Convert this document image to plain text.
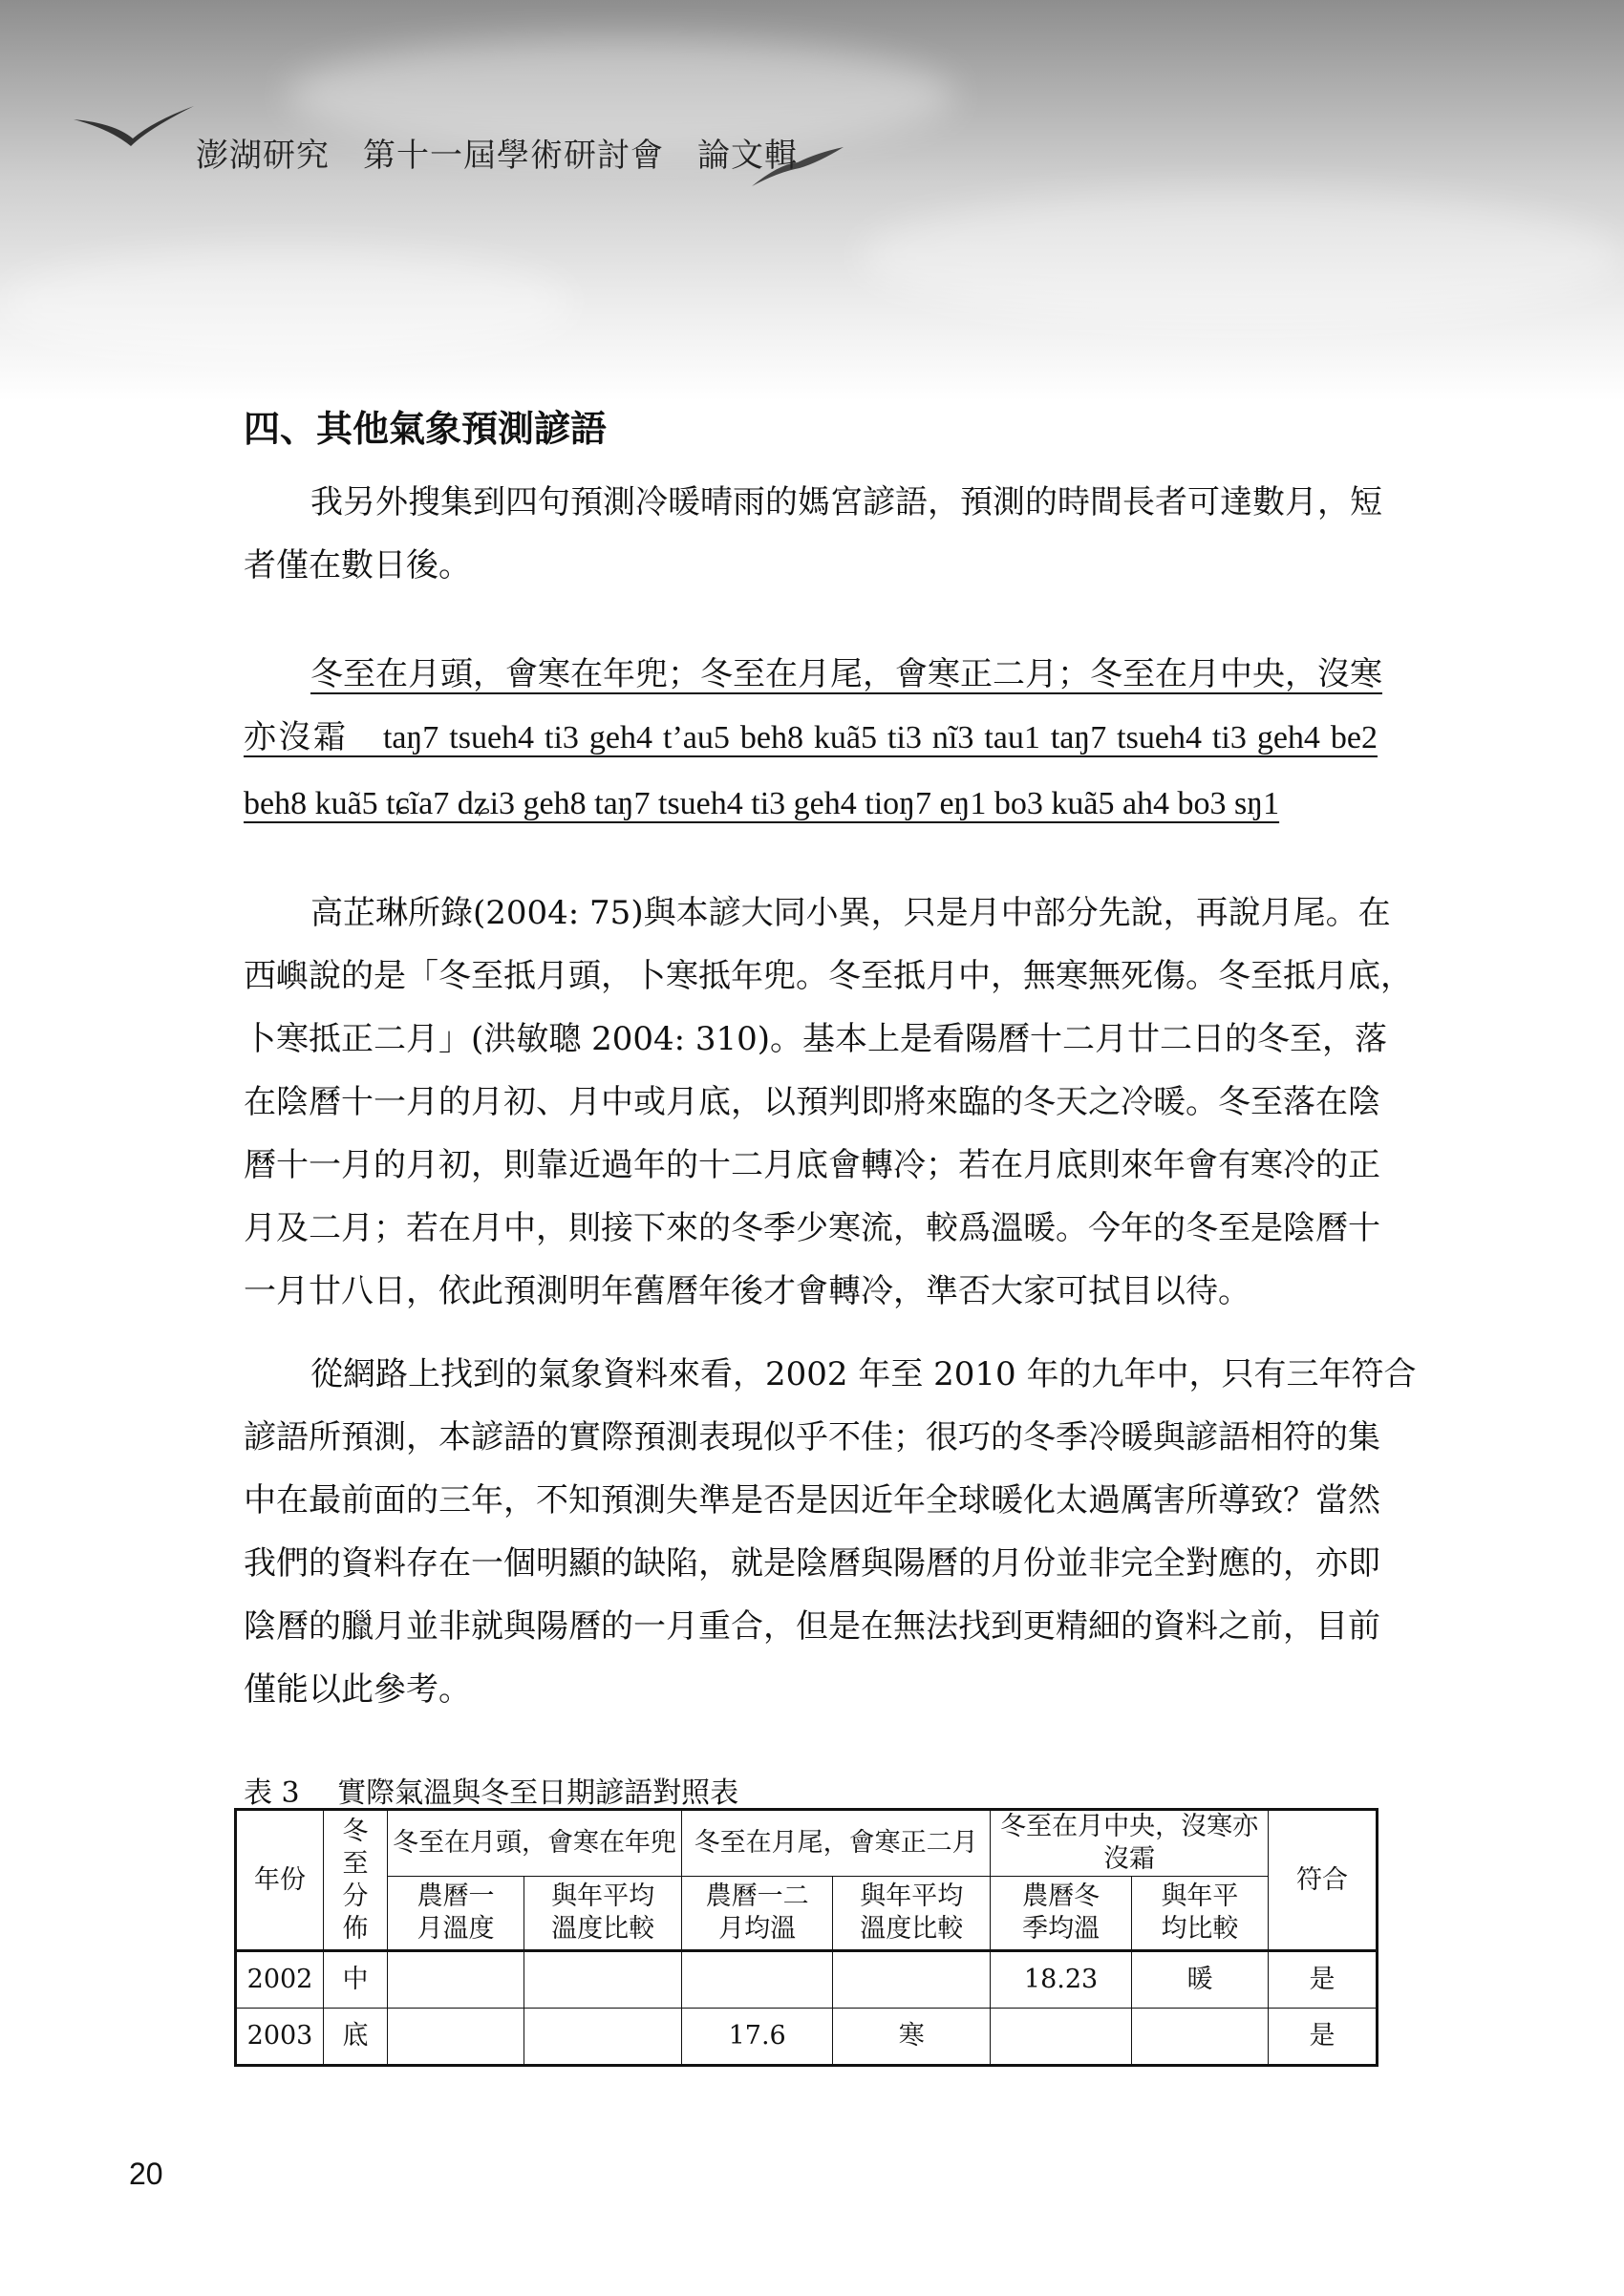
澎湖研究　第十一屆學術研討會　論文輯
四、其他氣象預測諺語
我另外搜集到四句預測冷暖晴雨的媽宮諺語，預測的時間長者可達數月，短
者僅在數日後。
冬至在月頭，會寒在年兜；冬至在月尾，會寒正二月；冬至在月中央，沒寒
亦沒霜　taŋ7 tsueh4 ti3 geh4 t’au5 beh8 kuã5 ti3 nĩ3 tau1 taŋ7 tsueh4 ti3 geh4 be2
beh8 kuã5 tɕĩa7 dʑi3 geh8 taŋ7 tsueh4 ti3 geh4 tioŋ7 eŋ1 bo3 kuã5 ah4 bo3 sŋ1
高芷琳所錄(2004: 75)與本諺大同小異，只是月中部分先說，再說月尾。在
西嶼說的是「冬至抵月頭，卜寒抵年兜。冬至抵月中，無寒無死傷。冬至抵月底，
卜寒抵正二月」(洪敏聰 2004: 310)。基本上是看陽曆十二月廿二日的冬至，落
在陰曆十一月的月初、月中或月底，以預判即將來臨的冬天之冷暖。冬至落在陰
曆十一月的月初，則靠近過年的十二月底會轉冷；若在月底則來年會有寒冷的正
月及二月；若在月中，則接下來的冬季少寒流，較爲溫暖。今年的冬至是陰曆十
一月廿八日，依此預測明年舊曆年後才會轉冷，準否大家可拭目以待。
從網路上找到的氣象資料來看，2002 年至 2010 年的九年中，只有三年符合
諺語所預測，本諺語的實際預測表現似乎不佳；很巧的冬季冷暖與諺語相符的集
中在最前面的三年，不知預測失準是否是因近年全球暖化太過厲害所導致？當然
我們的資料存在一個明顯的缺陷，就是陰曆與陽曆的月份並非完全對應的，亦即
陰曆的臘月並非就與陽曆的一月重合，但是在無法找到更精細的資料之前，目前
僅能以此參考。
表 3　 實際氣溫與冬至日期諺語對照表
年份	冬至分佈	冬至在月頭，會寒在年兜		冬至在月尾，會寒正二月		冬至在月中央，沒寒亦沒霜		符合
		農曆一月溫度	與年平均溫度比較	農曆一二月均溫	與年平均溫度比較	農曆冬季均溫	與年平均比較	
2002	中					18.23	暖	是
2003	底			17.6	寒			是
20
